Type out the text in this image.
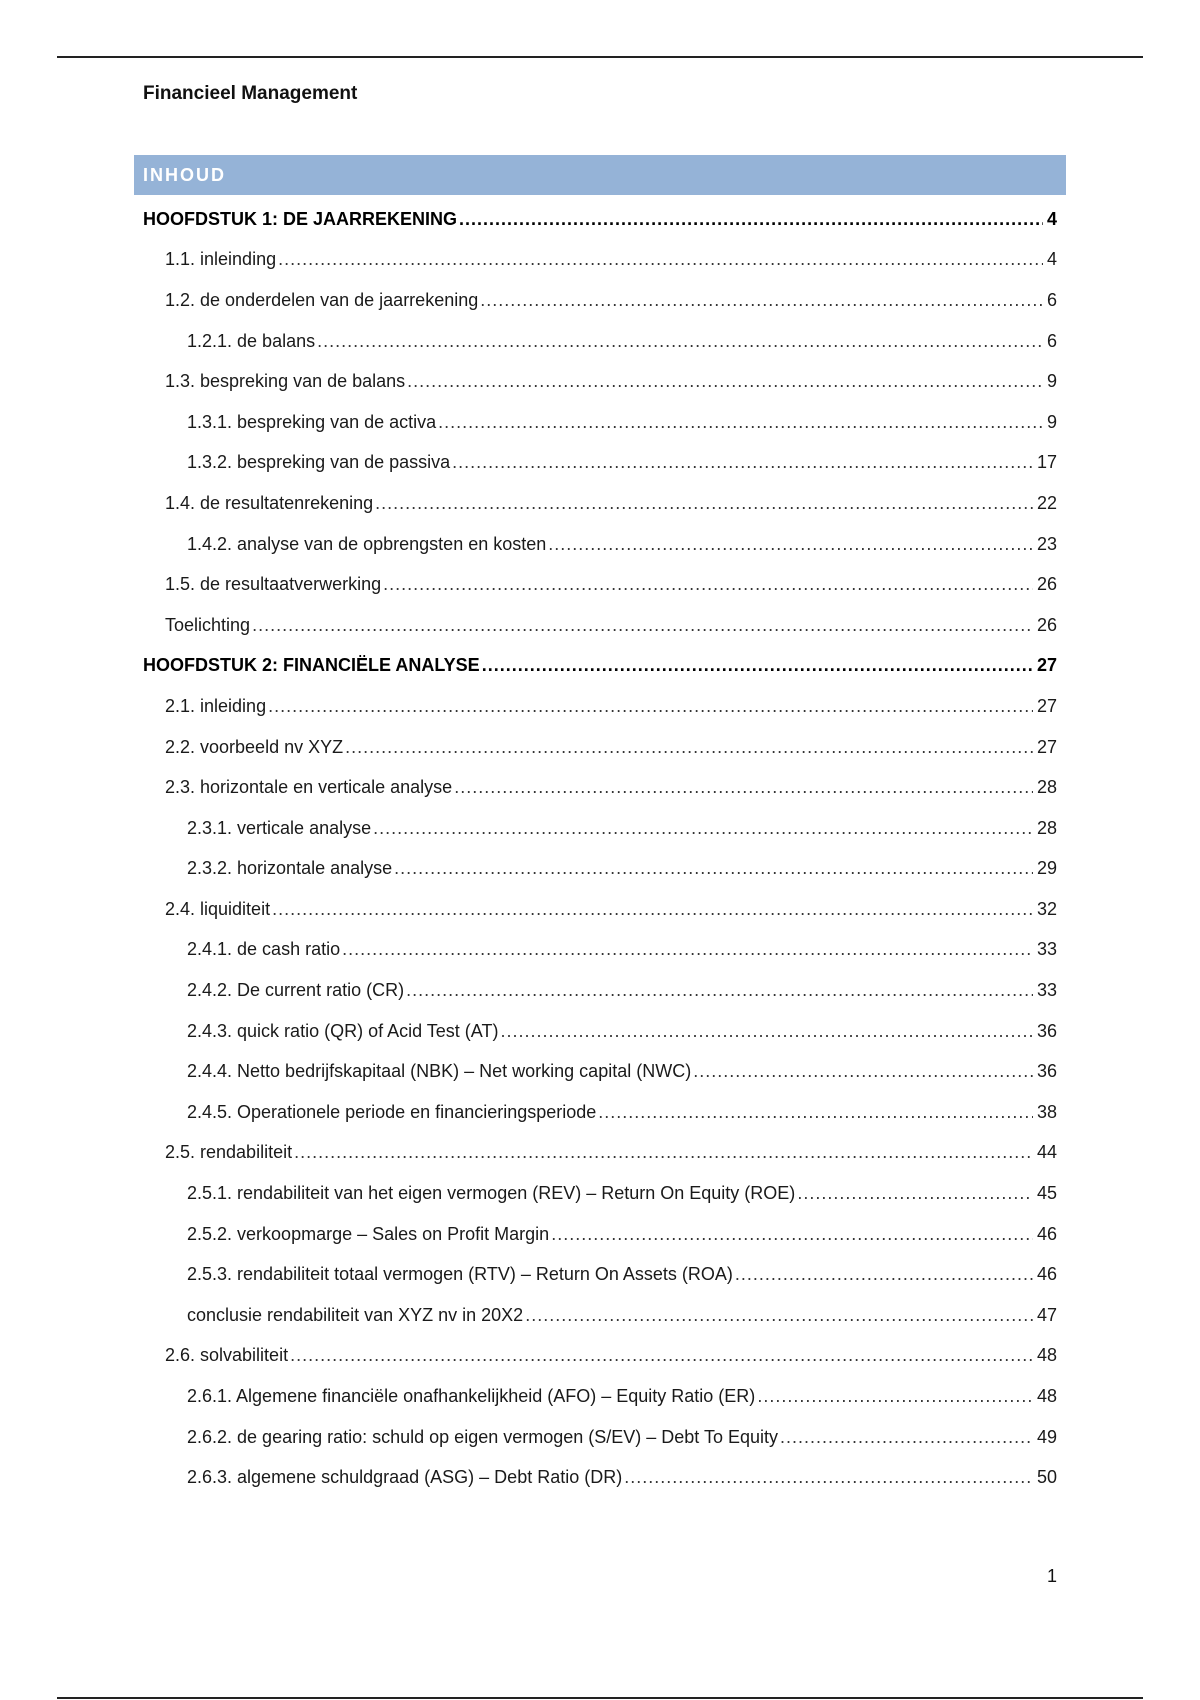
Financieel Management
INHOUD
HOOFDSTUK 1: DE JAARREKENING .....	4
1.1. inleinding .....	4
1.2. de onderdelen van de jaarrekening .....	6
1.2.1. de balans .....	6
1.3. bespreking van de balans .....	9
1.3.1. bespreking van de activa .....	9
1.3.2. bespreking van de passiva .....	17
1.4. de resultatenrekening .....	22
1.4.2. analyse van de opbrengsten en kosten .....	23
1.5. de resultaatverwerking .....	26
Toelichting .....	26
HOOFDSTUK 2: FINANCIËLE ANALYSE .....	27
2.1. inleiding .....	27
2.2. voorbeeld nv XYZ .....	27
2.3. horizontale en verticale analyse .....	28
2.3.1. verticale analyse .....	28
2.3.2. horizontale analyse .....	29
2.4. liquiditeit .....	32
2.4.1. de cash ratio .....	33
2.4.2. De current ratio (CR) .....	33
2.4.3. quick ratio (QR) of Acid Test (AT) .....	36
2.4.4. Netto bedrijfskapitaal (NBK) – Net working capital (NWC) .....	36
2.4.5. Operationele periode en financieringsperiode .....	38
2.5. rendabiliteit .....	44
2.5.1. rendabiliteit van het eigen vermogen (REV) – Return On Equity (ROE) .....	45
2.5.2. verkoopmarge – Sales on Profit Margin .....	46
2.5.3. rendabiliteit totaal vermogen (RTV) – Return On Assets (ROA) .....	46
conclusie rendabiliteit van XYZ nv in 20X2 .....	47
2.6. solvabiliteit .....	48
2.6.1. Algemene financiële onafhankelijkheid (AFO) – Equity Ratio (ER) .....	48
2.6.2. de gearing ratio: schuld op eigen vermogen (S/EV) – Debt To Equity .....	49
2.6.3. algemene schuldgraad (ASG) – Debt Ratio (DR) .....	50
1
